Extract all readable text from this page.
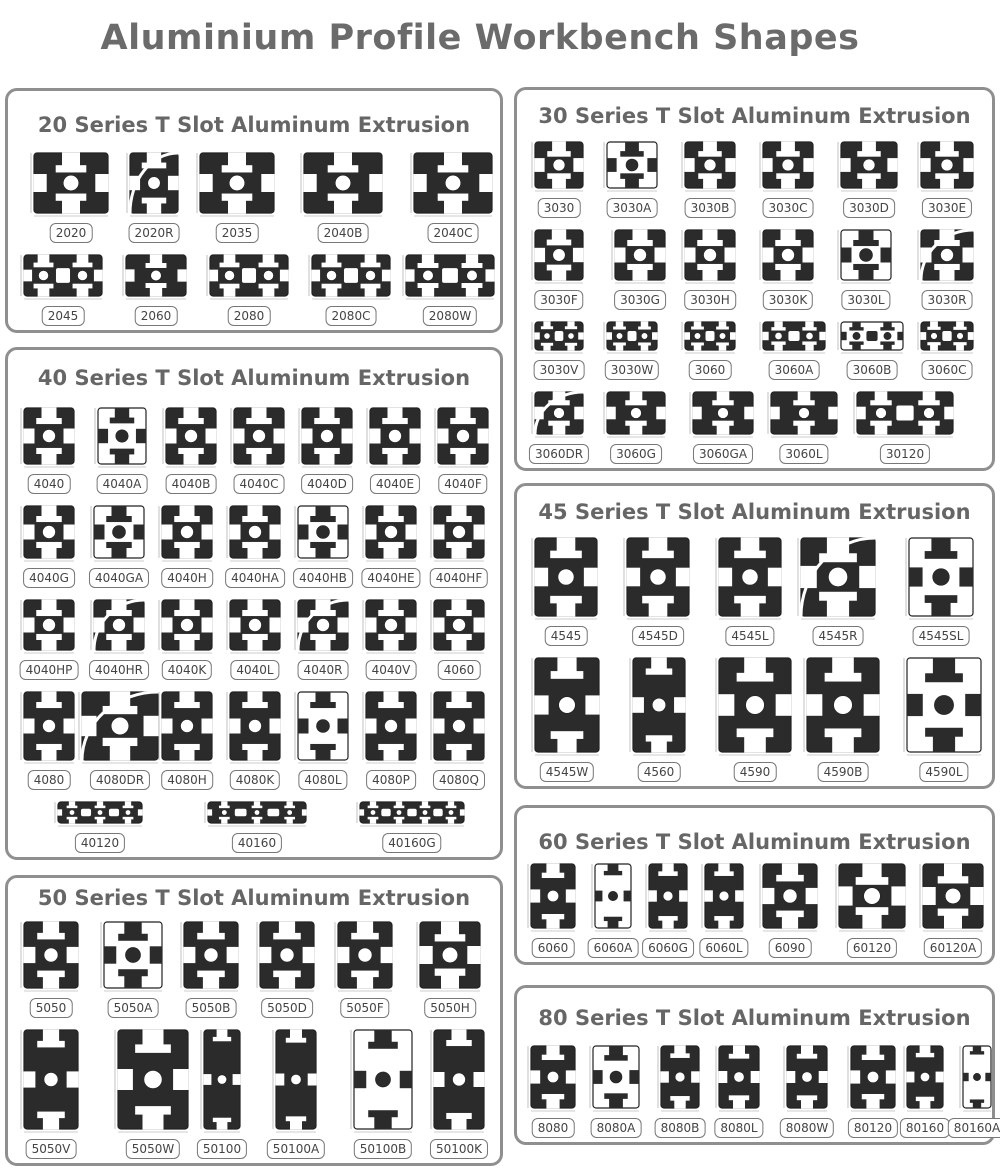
Aluminium Profile Workbench Shapes
20 Series T Slot Aluminum Extrusion
2020	2020R	2035	2040B	2040C
2045	2060	2080	2080C	2080W
40 Series T Slot Aluminum Extrusion
4040	4040A	4040B	4040C	4040D	4040E	4040F
4040G	4040GA	4040H	4040HA	4040HB	4040HE	4040HF
4040HP	4040HR	4040K	4040L	4040R	4040V	4060
4080	4080DR	4080H	4080K	4080L	4080P	4080Q
40120	40160	40160G
50 Series T Slot Aluminum Extrusion
5050	5050A	5050B	5050D	5050F	5050H
5050V	5050W	50100	50100A	50100B	50100K
30 Series T Slot Aluminum Extrusion
3030	3030A	3030B	3030C	3030D	3030E
3030F	3030G	3030H	3030K	3030L	3030R
3030V	3030W	3060	3060A	3060B	3060C
3060DR	3060G	3060GA	3060L	30120
45 Series T Slot Aluminum Extrusion
4545	4545D	4545L	4545R	4545SL
4545W	4560	4590	4590B	4590L
60 Series T Slot Aluminum Extrusion
6060	6060A	6060G	6060L	6090	60120	60120A
80 Series T Slot Aluminum Extrusion
8080	8080A	8080B	8080L	8080W	80120	80160 80160A
